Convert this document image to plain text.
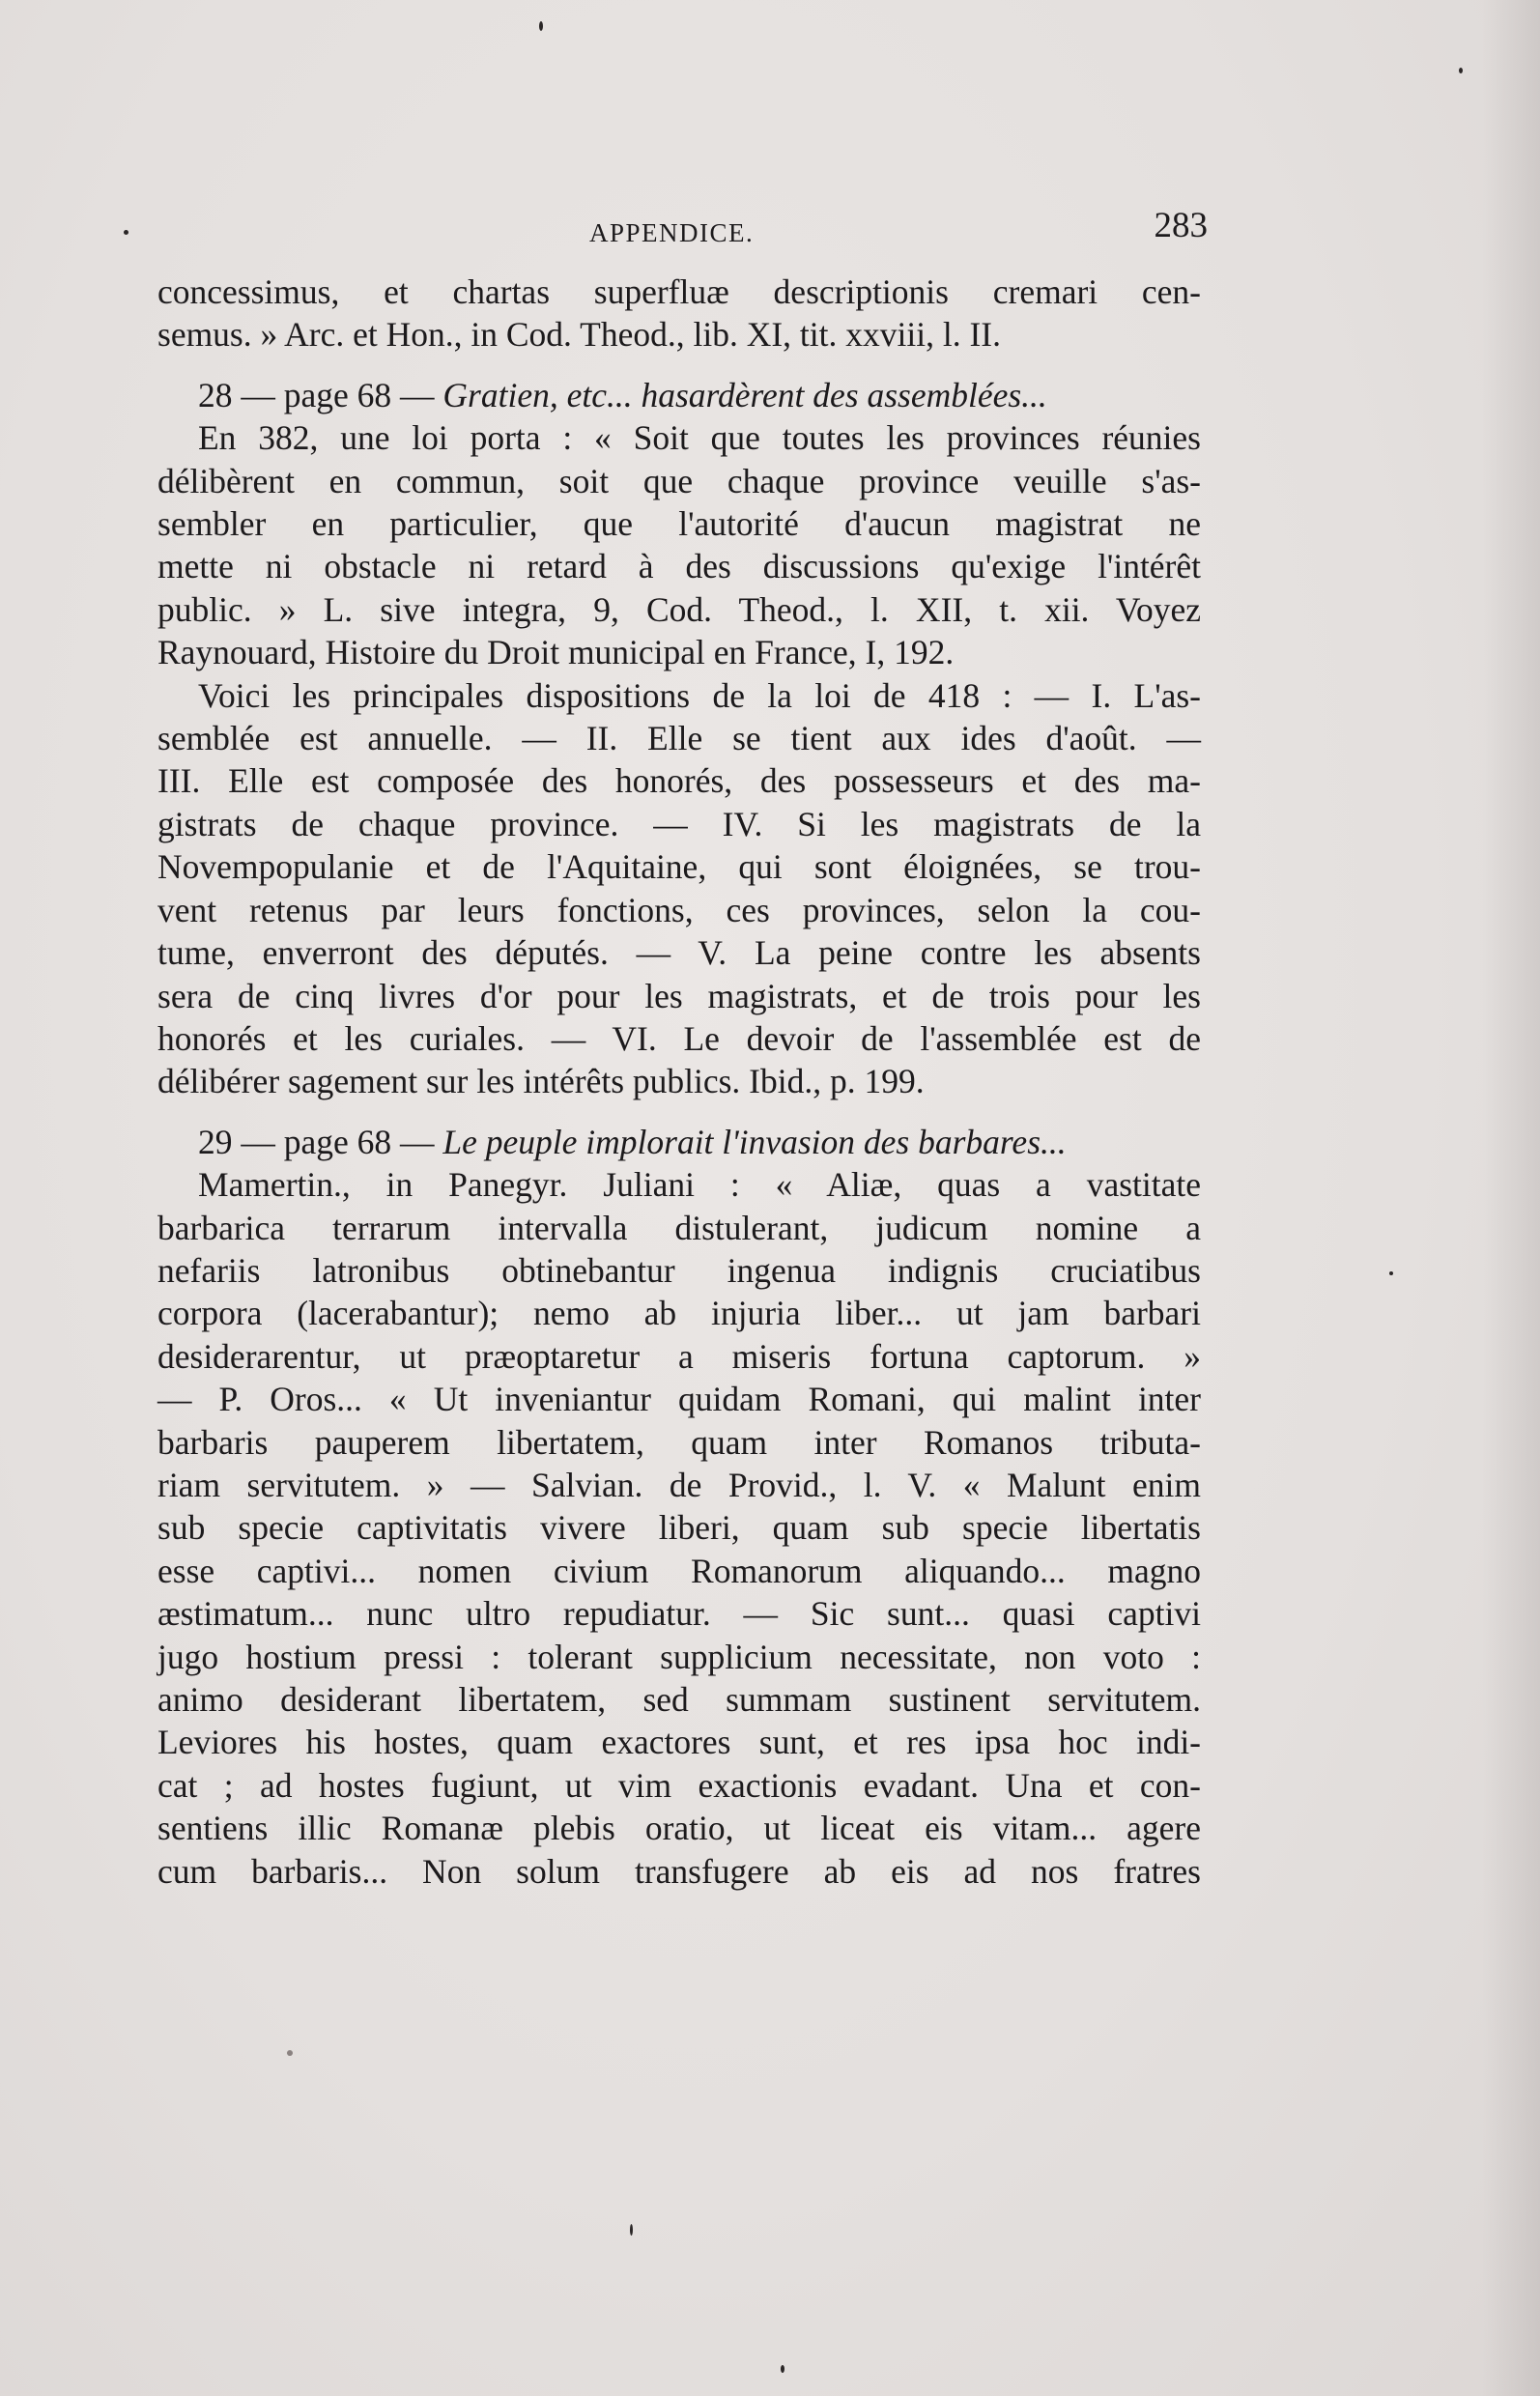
APPENDICE.	283

concessimus, et chartas superfluæ descriptionis cremari cen-
semus. » Arc. et Hon., in Cod. Theod., lib. XI, tit. xxviii, l. II.

28 — page 68 — Gratien, etc... hasardèrent des assemblées...
En 382, une loi porta : « Soit que toutes les provinces réunies
délibèrent en commun, soit que chaque province veuille s'as-
sembler en particulier, que l'autorité d'aucun magistrat ne
mette ni obstacle ni retard à des discussions qu'exige l'intérêt
public. » L. sive integra, 9, Cod. Theod., l. XII, t. xii. Voyez
Raynouard, Histoire du Droit municipal en France, I, 192.
Voici les principales dispositions de la loi de 418 : — I. L'as-
semblée est annuelle. — II. Elle se tient aux ides d'août. —
III. Elle est composée des honorés, des possesseurs et des ma-
gistrats de chaque province. — IV. Si les magistrats de la
Novempopulanie et de l'Aquitaine, qui sont éloignées, se trou-
vent retenus par leurs fonctions, ces provinces, selon la cou-
tume, enverront des députés. — V. La peine contre les absents
sera de cinq livres d'or pour les magistrats, et de trois pour les
honorés et les curiales. — VI. Le devoir de l'assemblée est de
délibérer sagement sur les intérêts publics. Ibid., p. 199.

29 — page 68 — Le peuple implorait l'invasion des barbares...
Mamertin., in Panegyr. Juliani : « Aliæ, quas a vastitate
barbarica terrarum intervalla distulerant, judicum nomine a
nefariis latronibus obtinebantur ingenua indignis cruciatibus
corpora (lacerabantur); nemo ab injuria liber... ut jam barbari
desiderarentur, ut præoptaretur a miseris fortuna captorum. »
— P. Oros... « Ut inveniantur quidam Romani, qui malint inter
barbaris pauperem libertatem, quam inter Romanos tributa-
riam servitutem. » — Salvian. de Provid., l. V. « Malunt enim
sub specie captivitatis vivere liberi, quam sub specie libertatis
esse captivi... nomen civium Romanorum aliquando... magno
æstimatum... nunc ultro repudiatur. — Sic sunt... quasi captivi
jugo hostium pressi : tolerant supplicium necessitate, non voto :
animo desiderant libertatem, sed summam sustinent servitutem.
Leviores his hostes, quam exactores sunt, et res ipsa hoc indi-
cat ; ad hostes fugiunt, ut vim exactionis evadant. Una et con-
sentiens illic Romanæ plebis oratio, ut liceat eis vitam... agere
cum barbaris... Non solum transfugere ab eis ad nos fratres
